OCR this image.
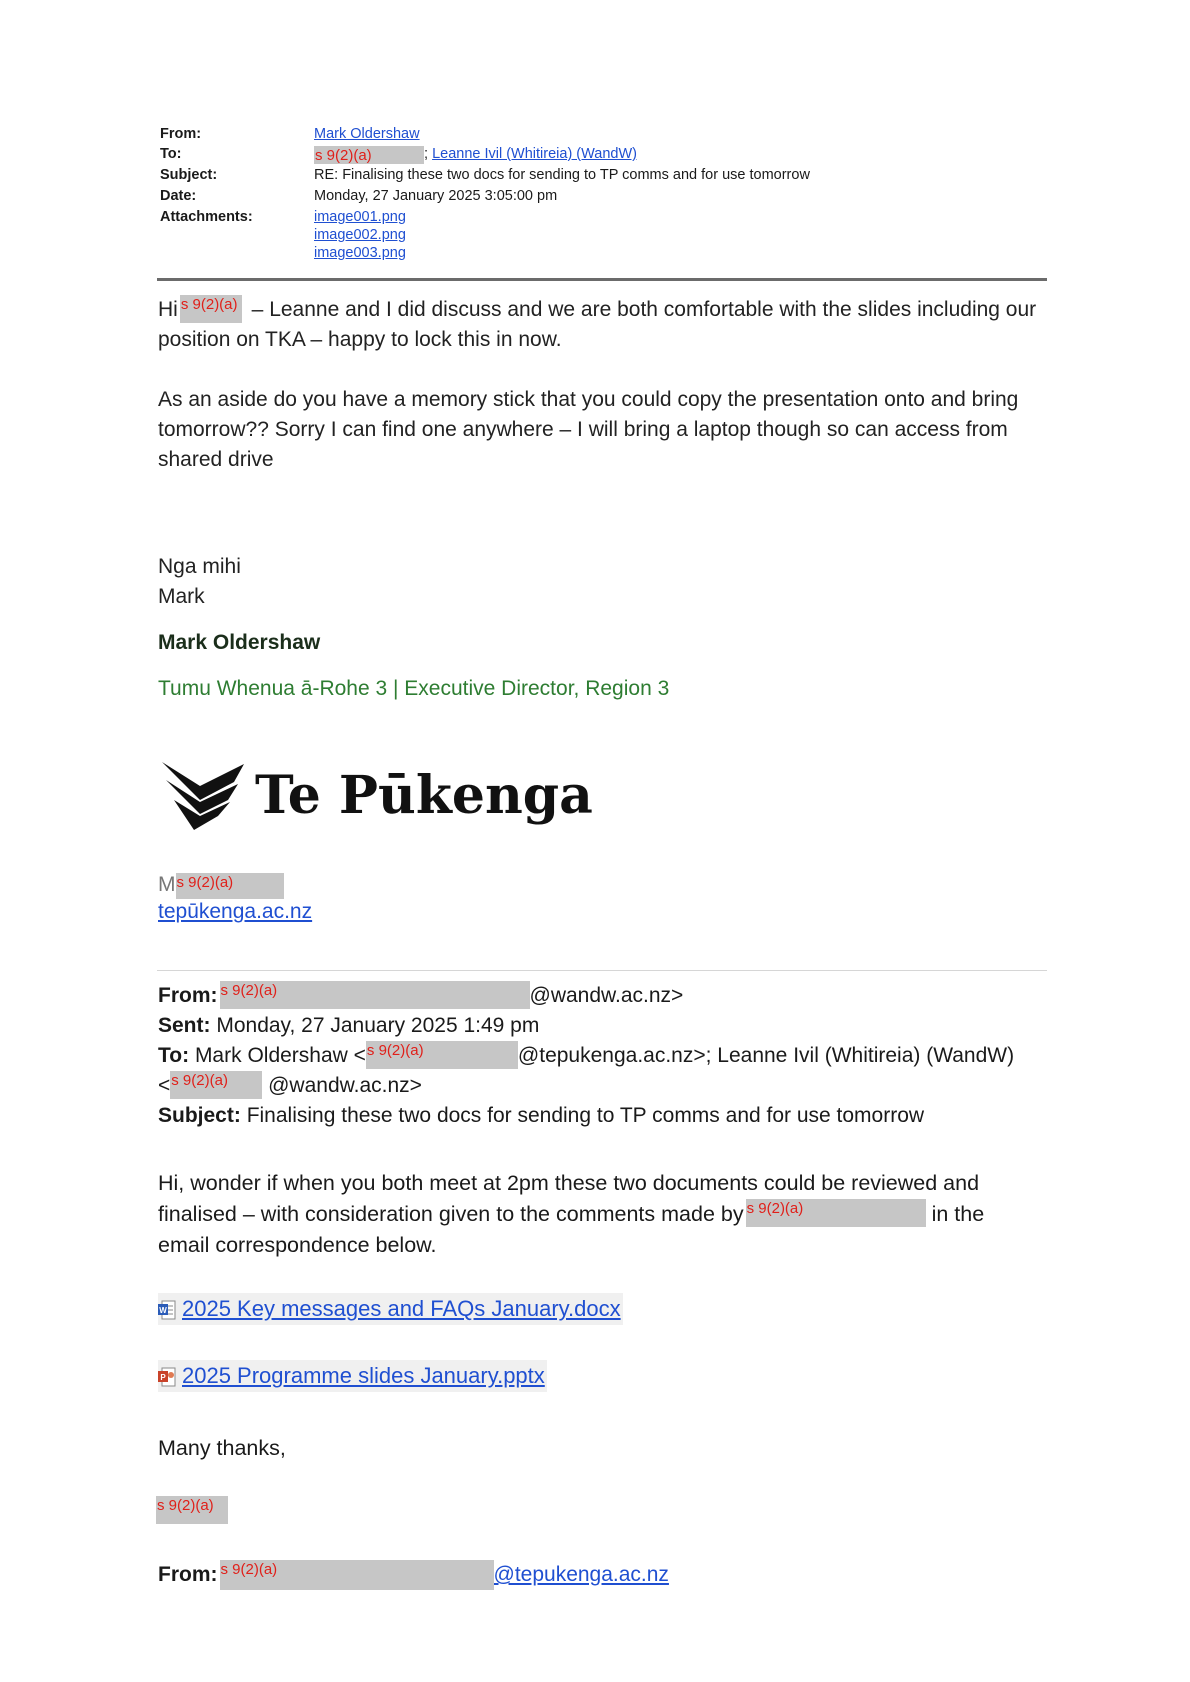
From:	Mark Oldershaw
To:	s 9(2)(a)	; Leanne Ivil (Whitireia) (WandW)
Subject:	RE: Finalising these two docs for sending to TP comms and for use tomorrow
Date:	Monday, 27 January 2025 3:05:00 pm
Attachments:	image001.png
image002.png
image003.png
Hi s 9(2)(a) – Leanne and I did discuss and we are both comfortable with the slides including our
position on TKA – happy to lock this in now.
As an aside do you have a memory stick that you could copy the presentation onto and bring
tomorrow?? Sorry I can find one anywhere – I will bring a laptop though so can access from
shared drive
Nga mihi
Mark
Mark Oldershaw
Tumu Whenua ā-Rohe 3 | Executive Director, Region 3
Te Pūkenga
M s 9(2)(a)
tepūkenga.ac.nz
From: s 9(2)(a)	@wandw.ac.nz>
Sent: Monday, 27 January 2025 1:49 pm
To: Mark Oldershaw < s 9(2)(a)	@tepukenga.ac.nz>; Leanne Ivil (Whitireia) (WandW)
< s 9(2)(a) @wandw.ac.nz>
Subject: Finalising these two docs for sending to TP comms and for use tomorrow
Hi, wonder if when you both meet at 2pm these two documents could be reviewed and
finalised – with consideration given to the comments made by s 9(2)(a)	in the
email correspondence below.
W 2025 Key messages and FAQs January.docx
P 2025 Programme slides January.pptx
Many thanks,
s 9(2)(a)
From: s 9(2)(a)	@tepukenga.ac.nz
